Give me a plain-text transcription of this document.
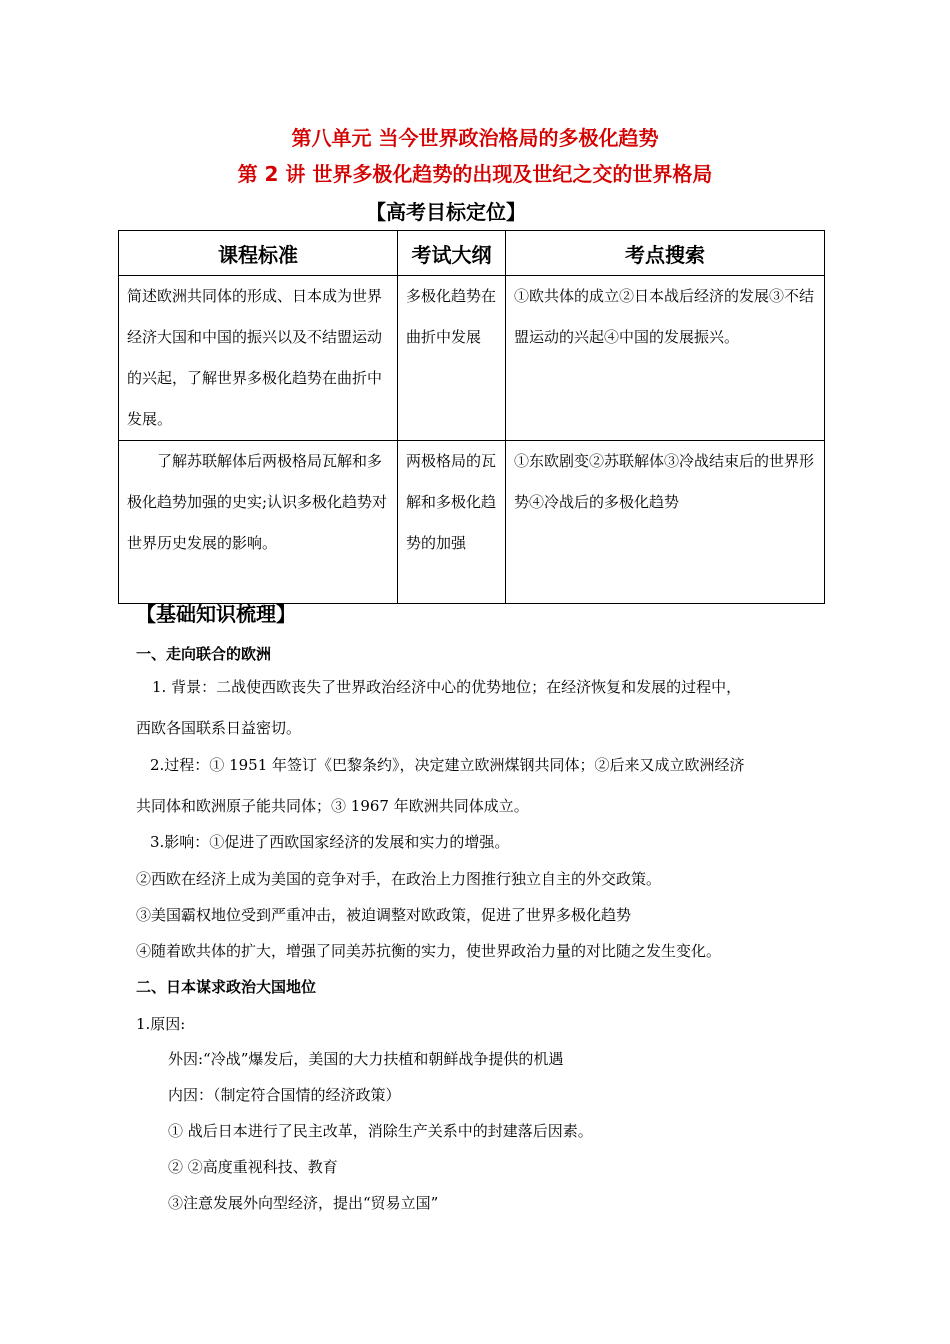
第八单元 当今世界政治格局的多极化趋势
第 2 讲 世界多极化趋势的出现及世纪之交的世界格局
【高考目标定位】
课程标准	考试大纲	考点搜索
简述欧洲共同体的形成、日本成为世界经济大国和中国的振兴以及不结盟运动的兴起，了解世界多极化趋势在曲折中发展。	多极化趋势在曲折中发展	①欧共体的成立②日本战后经济的发展③不结盟运动的兴起④中国的发展振兴。
了解苏联解体后两极格局瓦解和多极化趋势加强的史实;认识多极化趋势对世界历史发展的影响。	两极格局的瓦解和多极化趋势的加强	①东欧剧变②苏联解体③冷战结束后的世界形势④冷战后的多极化趋势
【基础知识梳理】
一、走向联合的欧洲
1. 背景：二战使西欧丧失了世界政治经济中心的优势地位；在经济恢复和发展的过程中，
西欧各国联系日益密切。
2.过程：① 1951 年签订《巴黎条约》，决定建立欧洲煤钢共同体；②后来又成立欧洲经济
共同体和欧洲原子能共同体；③ 1967 年欧洲共同体成立。
3.影响：①促进了西欧国家经济的发展和实力的增强。
②西欧在经济上成为美国的竞争对手，在政治上力图推行独立自主的外交政策。
③美国霸权地位受到严重冲击，被迫调整对欧政策，促进了世界多极化趋势
④随着欧共体的扩大，增强了同美苏抗衡的实力，使世界政治力量的对比随之发生变化。
二、日本谋求政治大国地位
1.原因:
外因:“冷战”爆发后，美国的大力扶植和朝鲜战争提供的机遇
内因：（制定符合国情的经济政策）
① 战后日本进行了民主改革，消除生产关系中的封建落后因素。
② ②高度重视科技、教育
③注意发展外向型经济，提出“贸易立国”
